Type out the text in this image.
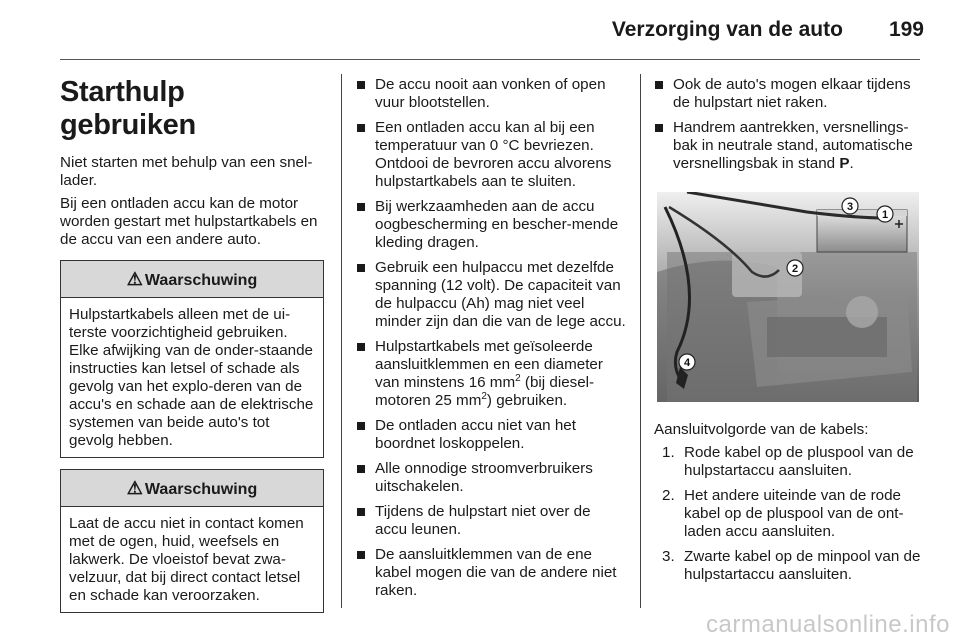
Verzorging van de auto 199
Starthulp gebruiken

Niet starten met behulp van een snel-lader.

Bij een ontladen accu kan de motor worden gestart met hulpstartkabels en de accu van een andere auto.

⚠ Waarschuwing
Hulpstartkabels alleen met de ui-terste voorzichtigheid gebruiken. Elke afwijking van de onder-staande instructies kan letsel of schade als gevolg van het explo-deren van de accu's en schade aan de elektrische systemen van beide auto's tot gevolg hebben.
⚠ Waarschuwing
Laat de accu niet in contact komen met de ogen, huid, weefsels en lakwerk. De vloeistof bevat zwa-velzuur, dat bij direct contact letsel en schade kan veroorzaken.
De accu nooit aan vonken of open vuur blootstellen.
Een ontladen accu kan al bij een temperatuur van 0 °C bevriezen. Ontdooi de bevroren accu alvorens hulpstartkabels aan te sluiten.
Bij werkzaamheden aan de accu oogbescherming en bescher-mende kleding dragen.
Gebruik een hulpaccu met dezelfde spanning (12 volt). De capaciteit van de hulpaccu (Ah) mag niet veel minder zijn dan die van de lege accu.
Hulpstartkabels met geïsoleerde aansluitklemmen en een diameter van minstens 16 $mm^2$ (bij diesel-motoren 25 $mm^2$) gebruiken.
De ontladen accu niet van het boordnet loskoppelen.
Alle onnodige stroomverbruikers uitschakelen.
Tijdens de hulpstart niet over de accu leunen.
De aansluitklemmen van de ene kabel mogen die van de andere niet raken.
Ook de auto's mogen elkaar tijdens de hulpstart niet raken.
Handrem aantrekken, versnellings-bak in neutrale stand, automatische versnellingsbak in stand P.
1
2
3
4

Aansluitvolgorde van de kabels:

1. Rode kabel op de pluspool van de hulpstartaccu aansluiten.
2. Het andere uiteinde van de rode kabel op de pluspool van de ont-laden accu aansluiten.
3. Zwarte kabel op de minpool van de hulpstartaccu aansluiten.
carmanualsonline.info
